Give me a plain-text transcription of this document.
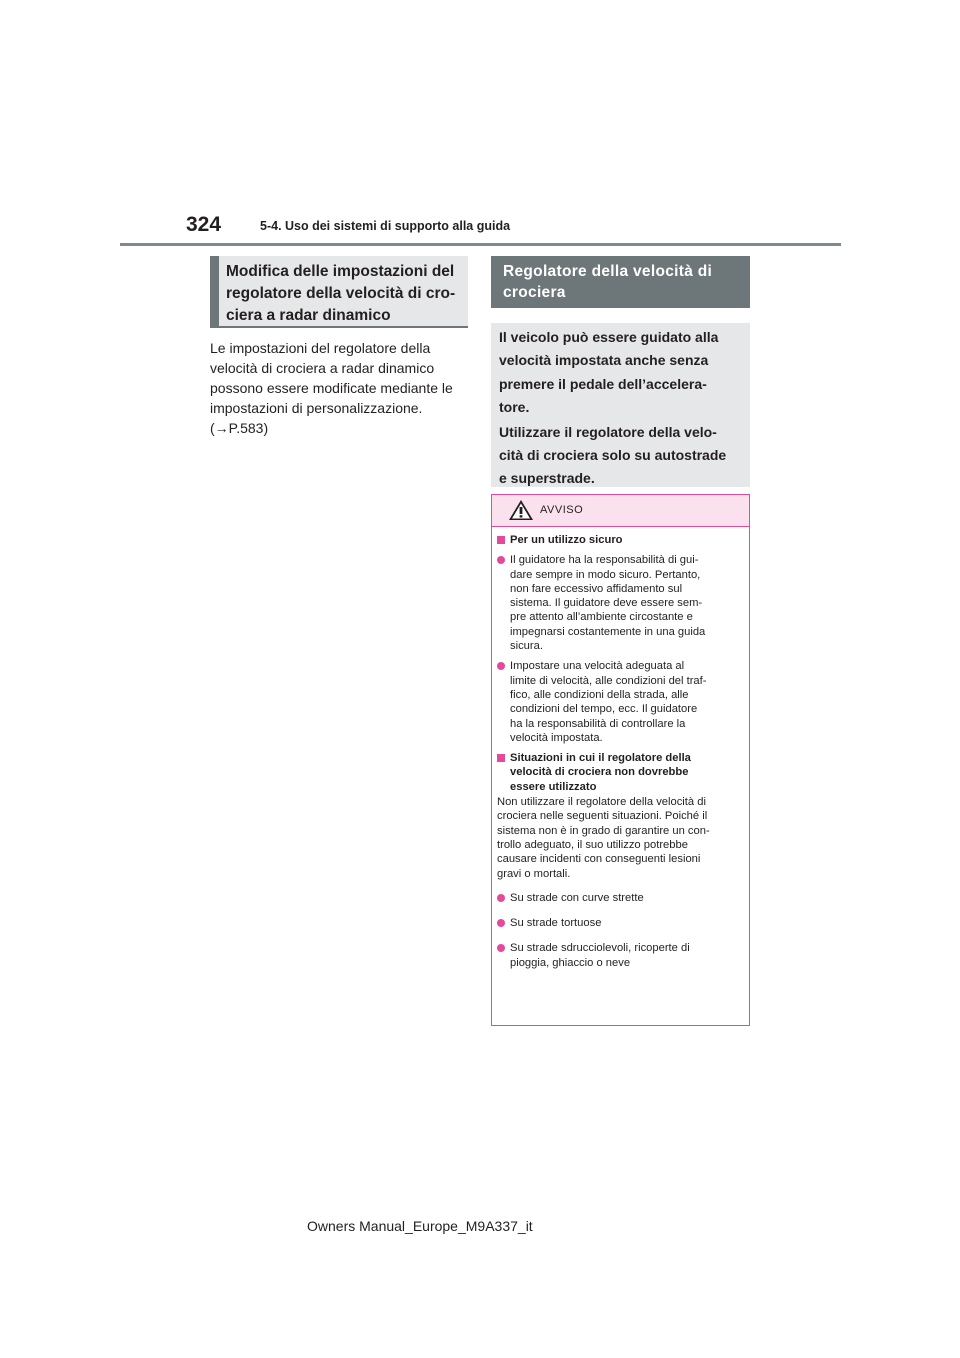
324	5-4. Uso dei sistemi di supporto alla guida
Modifica delle impostazioni del
regolatore della velocità di cro-
ciera a radar dinamico
Le impostazioni del regolatore della
velocità di crociera a radar dinamico
possono essere modificate mediante le
impostazioni di personalizzazione.
(→P.583)
Regolatore della velocità di
crociera

Il veicolo può essere guidato alla
velocità impostata anche senza
premere il pedale dell’accelera-
tore.

Utilizzare il regolatore della velo-
cità di crociera solo su autostrade
e superstrade.

AVVISO
Per un utilizzo sicuro
Il guidatore ha la responsabilità di gui-
dare sempre in modo sicuro. Pertanto,
non fare eccessivo affidamento sul
sistema. Il guidatore deve essere sem-
pre attento all’ambiente circostante e
impegnarsi costantemente in una guida
sicura.
Impostare una velocità adeguata al
limite di velocità, alle condizioni del traf-
fico, alle condizioni della strada, alle
condizioni del tempo, ecc. Il guidatore
ha la responsabilità di controllare la
velocità impostata.
Situazioni in cui il regolatore della
velocità di crociera non dovrebbe
essere utilizzato
Non utilizzare il regolatore della velocità di
crociera nelle seguenti situazioni. Poiché il
sistema non è in grado di garantire un con-
trollo adeguato, il suo utilizzo potrebbe
causare incidenti con conseguenti lesioni
gravi o mortali.
Su strade con curve strette
Su strade tortuose
Su strade sdrucciolevoli, ricoperte di
pioggia, ghiaccio o neve
Owners Manual_Europe_M9A337_it
